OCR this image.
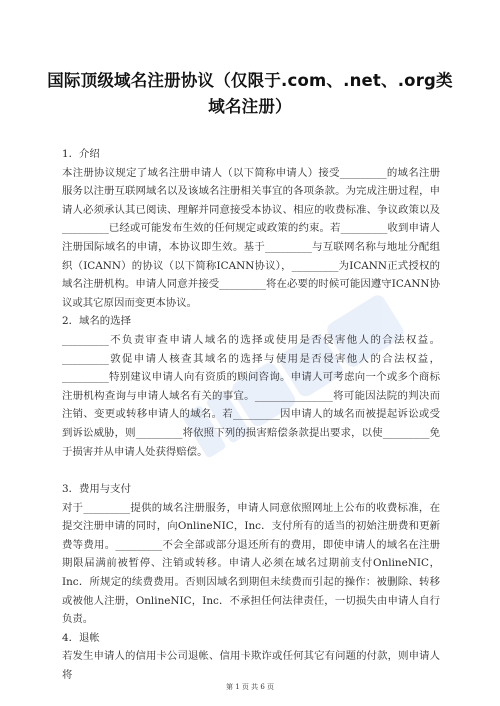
国际顶级域名注册协议（仅限于.com、.net、.org类域名注册）

1．介绍

本注册协议规定了域名注册申请人（以下简称申请人）接受_________的域名注册服务以注册互联网域名以及该域名注册相关事宜的各项条款。为完成注册过程，申请人必须承认其已阅读、理解并同意接受本协议、相应的收费标准、争议政策以及_________已经或可能发布生效的任何规定或政策的约束。若_________收到申请人注册国际域名的申请，本协议即生效。基于_________与互联网名称与地址分配组织（ICANN）的协议（以下简称ICANN协议），_________为ICANN正式授权的域名注册机构。申请人同意并接受_________将在必要的时候可能因遵守ICANN协议或其它原因而变更本协议。

2．域名的选择

_________不负责审查申请人域名的选择或使用是否侵害他人的合法权益。_________敦促申请人核查其域名的选择与使用是否侵害他人的合法权益，_________特别建议申请人向有资质的顾问咨询。申请人可考虑向一个或多个商标注册机构查询与申请人域名有关的事宜。_______________将可能因法院的判决而注销、变更或转移申请人的域名。若_________因申请人的域名而被提起诉讼或受到诉讼威胁，则_________将依照下列的损害赔偿条款提出要求，以使_________免于损害并从申请人处获得赔偿。

3．费用与支付

对于_________提供的域名注册服务，申请人同意依照网址上公布的收费标准，在提交注册申请的同时，向OnlineNIC，Inc．支付所有的适当的初始注册费和更新费等费用。_________不会全部或部分退还所有的费用，即使申请人的域名在注册期限届满前被暂停、注销或转移。申请人必须在域名过期前支付OnlineNIC，Inc．所规定的续费费用。否则因域名到期但未续费而引起的操作：被删除、转移或被他人注册，OnlineNIC，Inc．不承担任何法律责任，一切损失由申请人自行负责。

4．退帐

若发生申请人的信用卡公司退帐、信用卡欺诈或任何其它有问题的付款，则申请人将

第 1 页 共 6 页
